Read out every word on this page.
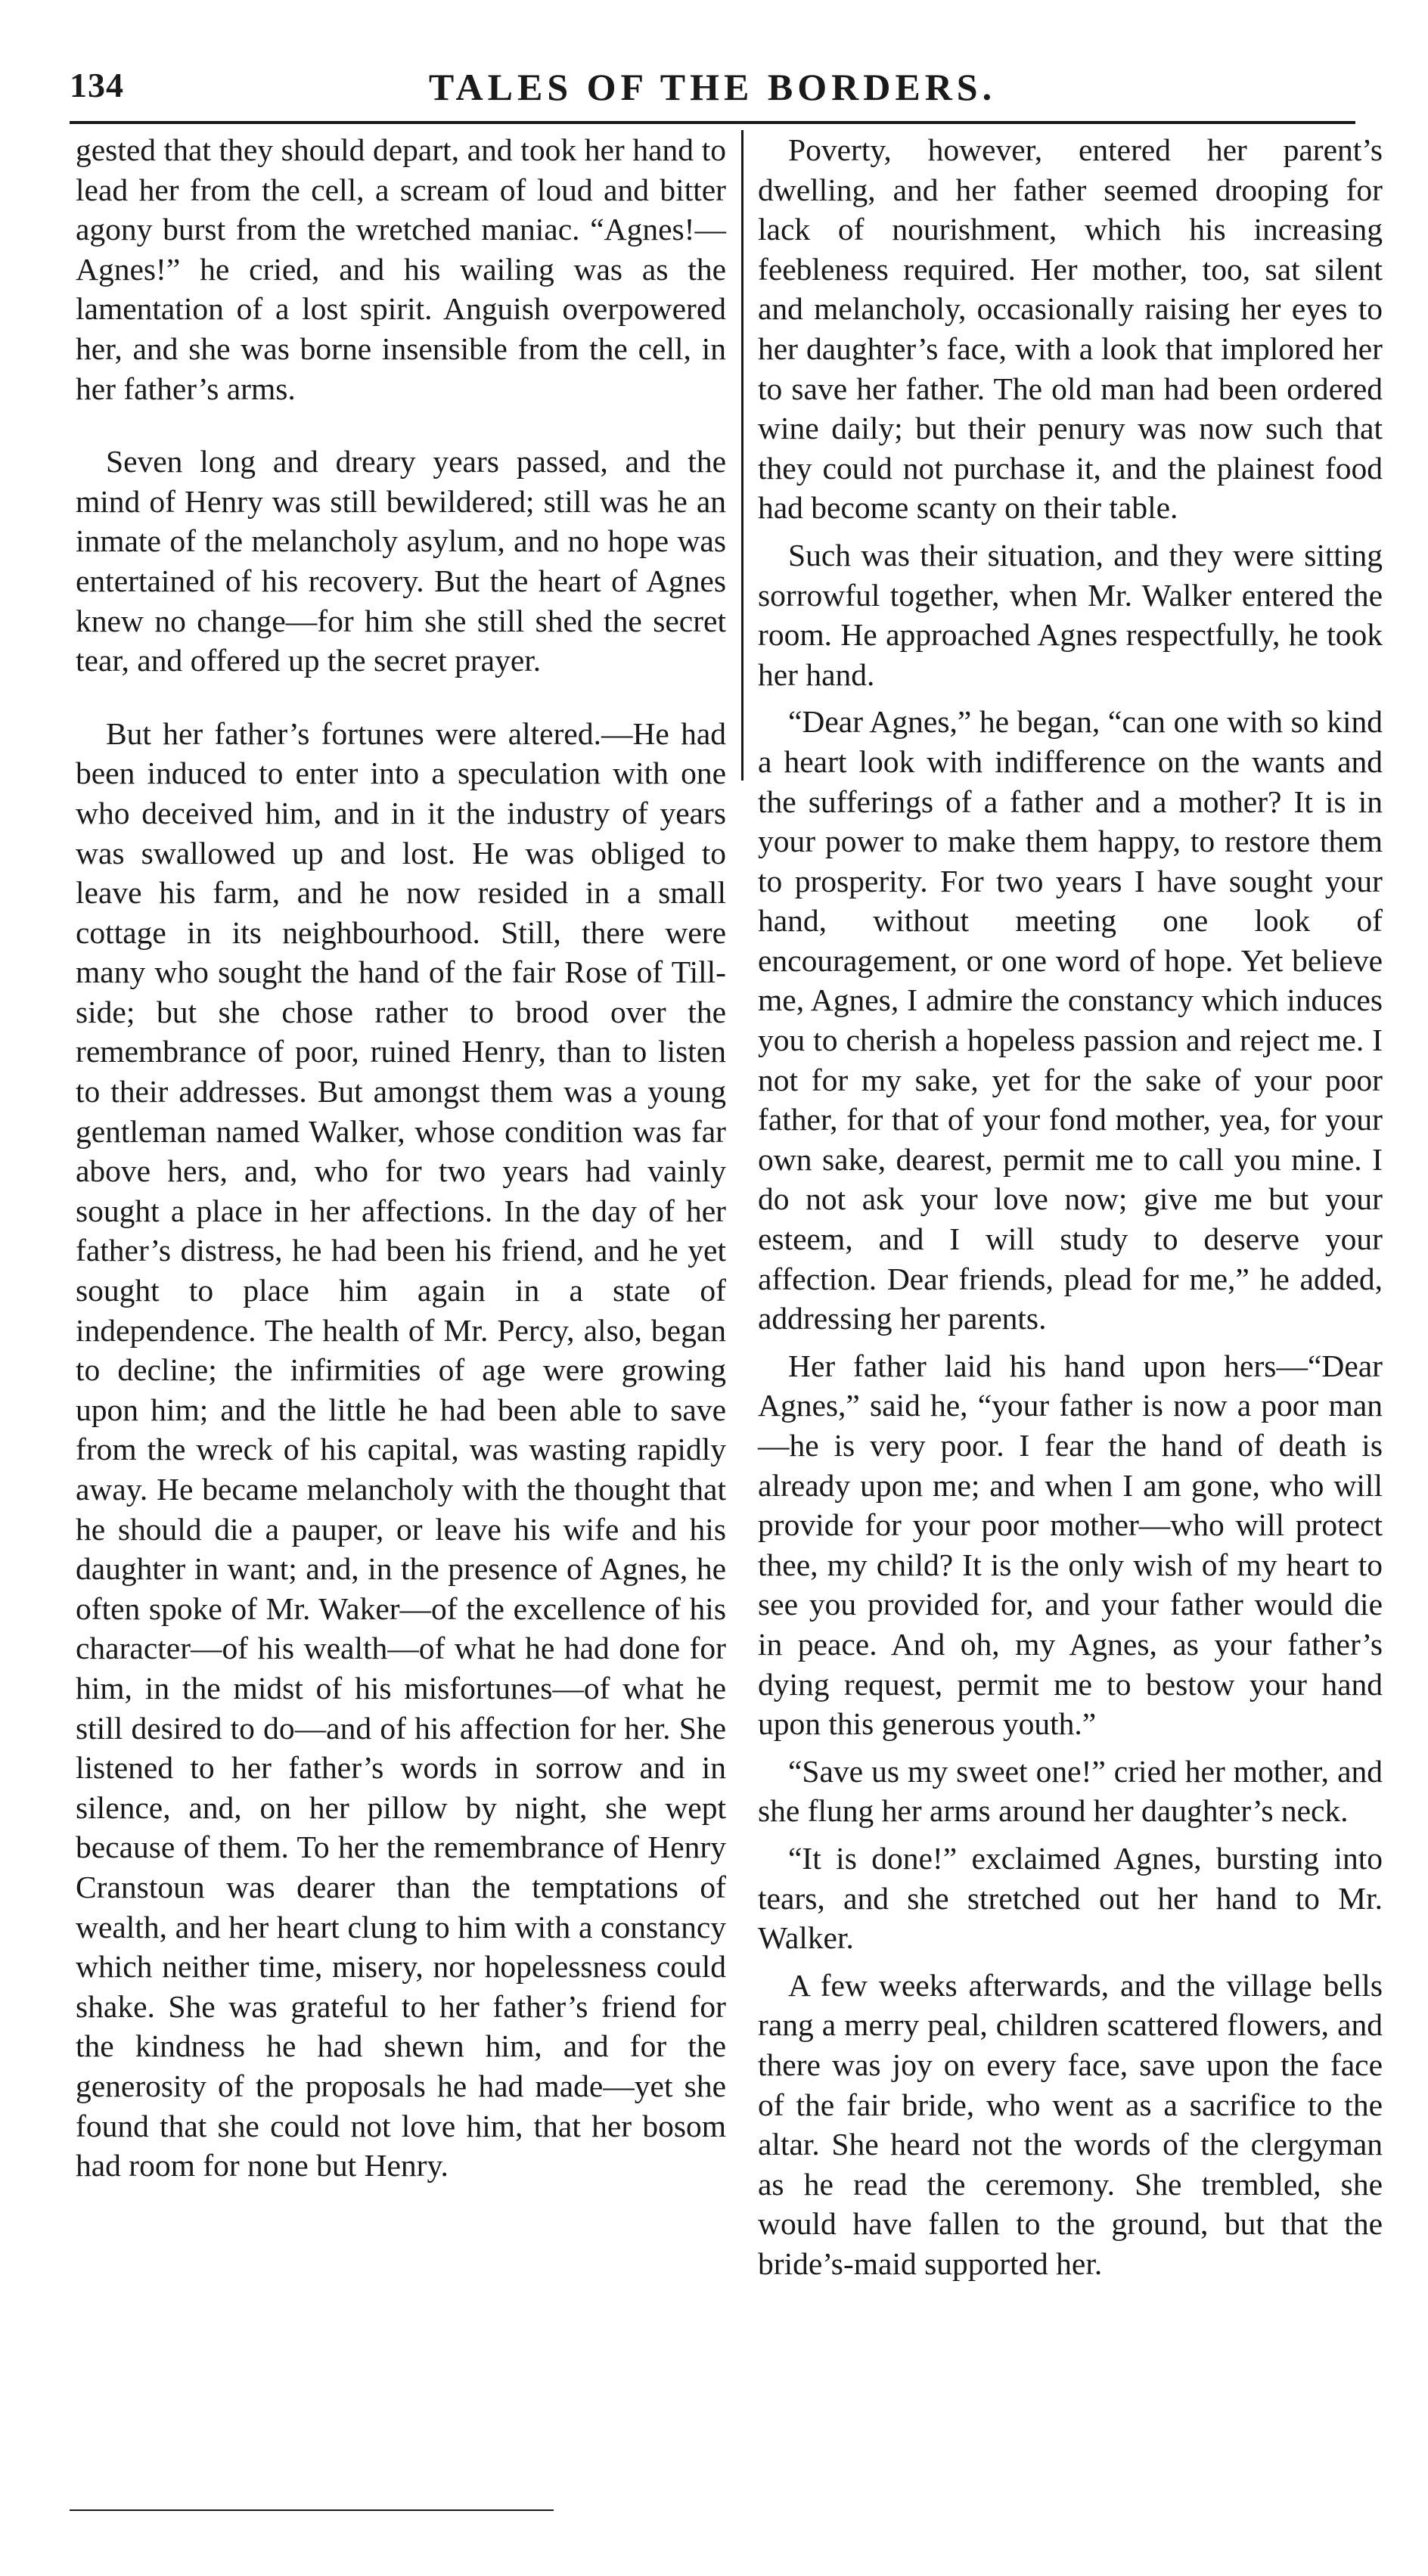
134	TALES OF THE BORDERS.

gested that they should depart, and took her hand to lead her from the cell, a scream of loud and bitter agony burst from the wretched maniac. “Agnes!—Agnes!” he cried, and his wailing was as the lamentation of a lost spirit. Anguish overpowered her, and she was borne insensible from the cell, in her father’s arms.

Seven long and dreary years passed, and the mind of Henry was still bewildered; still was he an inmate of the melancholy asylum, and no hope was entertained of his recovery. But the heart of Agnes knew no change—for him she still shed the secret tear, and offered up the secret prayer.

But her father’s fortunes were altered.—He had been induced to enter into a speculation with one who deceived him, and in it the industry of years was swallowed up and lost. He was obliged to leave his farm, and he now resided in a small cottage in its neighbourhood. Still, there were many who sought the hand of the fair Rose of Till-side; but she chose rather to brood over the remembrance of poor, ruined Henry, than to listen to their addresses. But amongst them was a young gentleman named Walker, whose condition was far above hers, and, who for two years had vainly sought a place in her affections. In the day of her father’s distress, he had been his friend, and he yet sought to place him again in a state of independence. The health of Mr. Percy, also, began to decline; the infirmities of age were growing upon him; and the little he had been able to save from the wreck of his capital, was wasting rapidly away. He became melancholy with the thought that he should die a pauper, or leave his wife and his daughter in want; and, in the presence of Agnes, he often spoke of Mr. Waker—of the excellence of his character—of his wealth—of what he had done for him, in the midst of his misfortunes—of what he still desired to do—and of his affection for her. She listened to her father’s words in sorrow and in silence, and, on her pillow by night, she wept because of them. To her the remembrance of Henry Cranstoun was dearer than the temptations of wealth, and her heart clung to him with a constancy which neither time, misery, nor hopelessness could shake. She was grateful to her father’s friend for the kindness he had shewn him, and for the generosity of the proposals he had made—yet she found that she could not love him, that her bosom had room for none but Henry.

Poverty, however, entered her parent’s dwelling, and her father seemed drooping for lack of nourishment, which his increasing feebleness required. Her mother, too, sat silent and melancholy, occasionally raising her eyes to her daughter’s face, with a look that implored her to save her father. The old man had been ordered wine daily; but their penury was now such that they could not purchase it, and the plainest food had become scanty on their table.

Such was their situation, and they were sitting sorrowful together, when Mr. Walker entered the room. He approached Agnes respectfully, he took her hand.

“Dear Agnes,” he began, “can one with so kind a heart look with indifference on the wants and the sufferings of a father and a mother? It is in your power to make them happy, to restore them to prosperity. For two years I have sought your hand, without meeting one look of encouragement, or one word of hope. Yet believe me, Agnes, I admire the constancy which induces you to cherish a hopeless passion and reject me. I not for my sake, yet for the sake of your poor father, for that of your fond mother, yea, for your own sake, dearest, permit me to call you mine. I do not ask your love now; give me but your esteem, and I will study to deserve your affection. Dear friends, plead for me,” he added, addressing her parents.

Her father laid his hand upon hers—“Dear Agnes,” said he, “your father is now a poor man—he is very poor. I fear the hand of death is already upon me; and when I am gone, who will provide for your poor mother—who will protect thee, my child? It is the only wish of my heart to see you provided for, and your father would die in peace. And oh, my Agnes, as your father’s dying request, permit me to bestow your hand upon this generous youth.”

“Save us my sweet one!” cried her mother, and she flung her arms around her daughter’s neck.

“It is done!” exclaimed Agnes, bursting into tears, and she stretched out her hand to Mr. Walker.

A few weeks afterwards, and the village bells rang a merry peal, children scattered flowers, and there was joy on every face, save upon the face of the fair bride, who went as a sacrifice to the altar. She heard not the words of the clergyman as he read the ceremony. She trembled, she would have fallen to the ground, but that the bride’s-maid supported her.
